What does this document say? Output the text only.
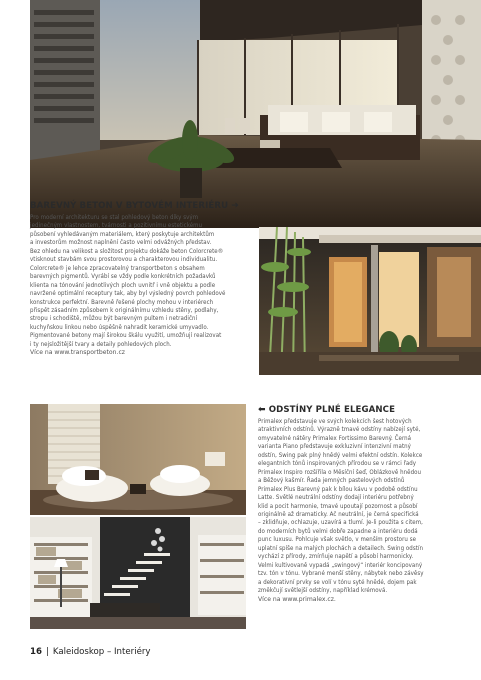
BAREVNÝ BETON V BYTOVÉM INTERIÉRU ➔
Pro moderní architekturu se stal pohledový beton díky svým
jedinečným vlastnostem, tvárnosti a pozitivnímu estetickému
působení vyhledávaným materiálem, který poskytuje architektům
a investorům možnost naplnění často velmi odvážných představ.
Bez ohledu na velikost a složitost projektu dokáže beton Colorcrete®
vtisknout stavbám svou prostorovou a charakterovou individualitu.
Colorcrete® je lehce zpracovatelný transportbeton s obsahem
barevných pigmentů. Vyrábí se vždy podle konkrétních požadavků
klienta na tónování jednotlivých ploch uvnitř i vně objektu a podle
navržené optimální receptury tak, aby byl výsledný povrch pohledové
konstrukce perfektní. Barevně řešené plochy mohou v interiérech
přispět zásadním způsobem k originálnímu vzhledu stěny, podlahy,
stropu i schodiště, můžou být barevným pultem i netradiční
kuchyňskou linkou nebo úspěšně nahradit keramické umyvadlo.
Pigmentované betony mají širokou škálu využití, umožňují realizovat
i ty nejsložitější tvary a detaily pohledových ploch.
Více na www.transportbeton.cz
⬅ ODSTÍNY PLNÉ ELEGANCE
Primalex představuje ve svých kolekcích šest hotových
atraktivních odstínů. Výrazně tmavé odstíny nabízejí syté,
omyvatelné nátěry Primalex Fortissimo Barevný. Černá
varianta Piano představuje exkluzivní intenzivní matný
odstín, Swing pak plný hnědý velmi efektní odstín. Kolekce
elegantních tónů inspirovaných přírodou se v rámci řady
Primalex Inspiro rozšířila o Měsíční šeď, Oblázkově hnědou
a Běžový kašmír. Řada jemných pastelových odstínů
Primalex Plus Barevný pak k bílou kávu v podobě odstínu
Latte. Světlé neutrální odstíny dodají interiéru potřebný
klid a pocit harmonie, tmavé upoutají pozornost a působí
originálně až dramaticky. Ač neutrální, je černá specifická
– zklidňuje, ochlazuje, uzavírá a tlumí. Je-li použita s citem,
do moderních bytů velmi dobře zapadne a interiéru dodá
punc luxusu. Pohlcuje však světlo, v menším prostoru se
uplatní spíše na malých plochách a detailech. Swing odstín
vychází z přírody, zmírňuje napětí a působí harmonicky.
Velmi kultivovaně vypadá „swingový“ interiér koncipovaný
tzv. tón v tónu. Vybrané menší stěny, nábytek nebo závěsy
a dekorativní prvky se volí v tónu syté hnědé, dojem pak
změkčují světlejší odstíny, například krémová.
Více na www.primalex.cz.
16 | Kaleidoskop – Interiéry
